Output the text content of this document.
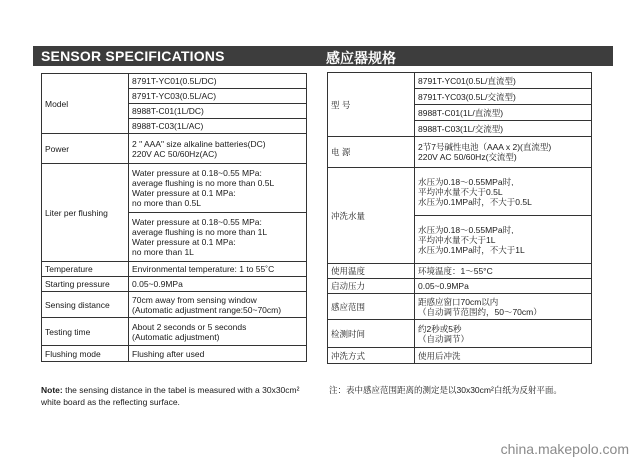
SENSOR SPECIFICATIONS	感应器规格
Model	8791T-YC01(0.5L/DC)
	8791T-YC03(0.5L/AC)
	8988T-C01(1L/DC)
	8988T-C03(1L/AC)
Power	2 " AAA" size alkaline batteries(DC)
220V AC 50/60Hz(AC)

Liter per flushing	Water pressure at 0.18~0.55 MPa:
average flushing is no more than 0.5L
Water pressure at 0.1 MPa:
no more than 0.5L

	Water pressure at 0.18~0.55 MPa:
average flushing is no more than 1L
Water pressure at 0.1 MPa:
no more than 1L

Temperature	Environmental temperature: 1 to 55˚C
Starting pressure	0.05~0.9MPa
Sensing distance	70cm away from sensing window
(Automatic adjustment range:50~70cm)

Testing time	About 2 seconds or 5 seconds
(Automatic adjustment)

Flushing mode	Flushing after used
型 号	8791T-YC01(0.5L/直流型)
	8791T-YC03(0.5L/交流型)
	8988T-C01(1L/直流型)
	8988T-C03(1L/交流型)
电 源	2节7号碱性电池（AAA x 2)(直流型)
220V AC 50/60Hz(交流型)

冲洗水量	水压为0.18～0.55MPa时,
平均冲水量不大于0.5L
水压为0.1MPa时，不大于0.5L

	水压为0.18～0.55MPa时,
平均冲水量不大于1L
水压为0.1MPa时，不大于1L

使用温度	环境温度：1～55°C
启动压力	0.05~0.9MPa
感应范围	距感应窗口70cm以内
（自动调节范围约，50～70cm）

检测时间	约2秒或5秒
（自动调节）

冲洗方式	使用后冲洗
Note: the sensing distance in the tabel is measured with a 30x30cm² white board as the reflecting surface.
注：表中感应范围距离的测定是以30x30cm²白纸为反射平面。
china.makepolo.com
